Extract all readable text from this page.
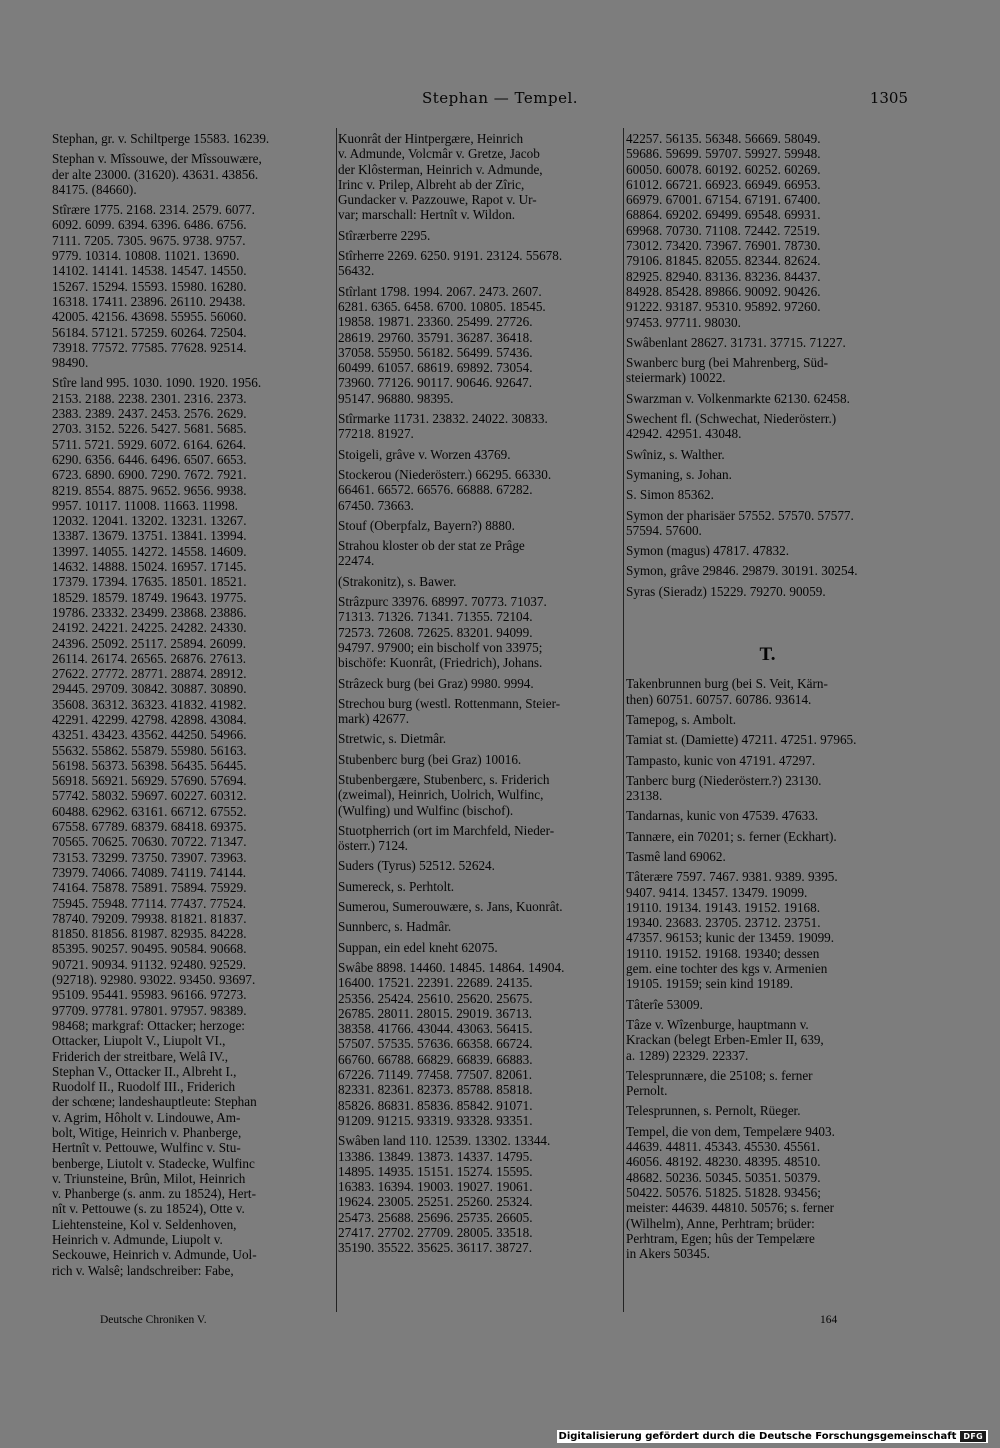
Stephan — Tempel.	1305
Stephan, gr. v. Schiltperge 15583. 16239.
Stephan v. Mîssouwe, der Mîssouwære,
der alte 23000. (31620). 43631. 43856.
84175. (84660).
Stîrære 1775. 2168. 2314. 2579. 6077.
6092. 6099. 6394. 6396. 6486. 6756.
7111. 7205. 7305. 9675. 9738. 9757.
9779. 10314. 10808. 11021. 13690.
14102. 14141. 14538. 14547. 14550.
15267. 15294. 15593. 15980. 16280.
16318. 17411. 23896. 26110. 29438.
42005. 42156. 43698. 55955. 56060.
56184. 57121. 57259. 60264. 72504.
73918. 77572. 77585. 77628. 92514.
98490.
Stîre land 995. 1030. 1090. 1920. 1956.
2153. 2188. 2238. 2301. 2316. 2373.
2383. 2389. 2437. 2453. 2576. 2629.
2703. 3152. 5226. 5427. 5681. 5685.
5711. 5721. 5929. 6072. 6164. 6264.
6290. 6356. 6446. 6496. 6507. 6653.
6723. 6890. 6900. 7290. 7672. 7921.
8219. 8554. 8875. 9652. 9656. 9938.
9957. 10117. 11008. 11663. 11998.
12032. 12041. 13202. 13231. 13267.
13387. 13679. 13751. 13841. 13994.
13997. 14055. 14272. 14558. 14609.
14632. 14888. 15024. 16957. 17145.
17379. 17394. 17635. 18501. 18521.
18529. 18579. 18749. 19643. 19775.
19786. 23332. 23499. 23868. 23886.
24192. 24221. 24225. 24282. 24330.
24396. 25092. 25117. 25894. 26099.
26114. 26174. 26565. 26876. 27613.
27622. 27772. 28771. 28874. 28912.
29445. 29709. 30842. 30887. 30890.
35608. 36312. 36323. 41832. 41982.
42291. 42299. 42798. 42898. 43084.
43251. 43423. 43562. 44250. 54966.
55632. 55862. 55879. 55980. 56163.
56198. 56373. 56398. 56435. 56445.
56918. 56921. 56929. 57690. 57694.
57742. 58032. 59697. 60227. 60312.
60488. 62962. 63161. 66712. 67552.
67558. 67789. 68379. 68418. 69375.
70565. 70625. 70630. 70722. 71347.
73153. 73299. 73750. 73907. 73963.
73979. 74066. 74089. 74119. 74144.
74164. 75878. 75891. 75894. 75929.
75945. 75948. 77114. 77437. 77524.
78740. 79209. 79938. 81821. 81837.
81850. 81856. 81987. 82935. 84228.
85395. 90257. 90495. 90584. 90668.
90721. 90934. 91132. 92480. 92529.
(92718). 92980. 93022. 93450. 93697.
95109. 95441. 95983. 96166. 97273.
97709. 97781. 97801. 97957. 98389.
98468; markgraf: Ottacker; herzoge:
Ottacker, Liupolt V., Liupolt VI.,
Friderich der streitbare, Welâ IV.,
Stephan V., Ottacker II., Albreht I.,
Ruodolf II., Ruodolf III., Friderich
der schœne; landeshauptleute: Stephan
v. Agrim, Hôholt v. Lindouwe, Am-
bolt, Witige, Heinrich v. Phanberge,
Hertnît v. Pettouwe, Wulfinc v. Stu-
benberge, Liutolt v. Stadecke, Wulfinc
v. Triunsteine, Brûn, Milot, Heinrich
v. Phanberge (s. anm. zu 18524), Hert-
nît v. Pettouwe (s. zu 18524), Otte v.
Liehtensteine, Kol v. Seldenhoven,
Heinrich v. Admunde, Liupolt v.
Seckouwe, Heinrich v. Admunde, Uol-
rich v. Walsê; landschreiber: Fabe,
Kuonrât der Hintpergære, Heinrich
v. Admunde, Volcmâr v. Gretze, Jacob
der Klôsterman, Heinrich v. Admunde,
Irinc v. Prilep, Albreht ab der Zîric,
Gundacker v. Pazzouwe, Rapot v. Ur-
var; marschall: Hertnît v. Wildon.
Stîrærberre 2295.
Stîrherre 2269. 6250. 9191. 23124. 55678.
56432.
Stîrlant 1798. 1994. 2067. 2473. 2607.
6281. 6365. 6458. 6700. 10805. 18545.
19858. 19871. 23360. 25499. 27726.
28619. 29760. 35791. 36287. 36418.
37058. 55950. 56182. 56499. 57436.
60499. 61057. 68619. 69892. 73054.
73960. 77126. 90117. 90646. 92647.
95147. 96880. 98395.
Stîrmarke 11731. 23832. 24022. 30833.
77218. 81927.
Stoigeli, grâve v. Worzen 43769.
Stockerou (Niederösterr.) 66295. 66330.
66461. 66572. 66576. 66888. 67282.
67450. 73663.
Stouf (Oberpfalz, Bayern?) 8880.
Strahou kloster ob der stat ze Prâge
22474.
(Strakonitz), s. Bawer.
Strâzpurc 33976. 68997. 70773. 71037.
71313. 71326. 71341. 71355. 72104.
72573. 72608. 72625. 83201. 94099.
94797. 97900; ein bischolf von 33975;
bischöfe: Kuonrât, (Friedrich), Johans.
Strâzeck burg (bei Graz) 9980. 9994.
Strechou burg (westl. Rottenmann, Steier-
mark) 42677.
Stretwic, s. Dietmâr.
Stubenberc burg (bei Graz) 10016.
Stubenbergære, Stubenberc, s. Friderich
(zweimal), Heinrich, Uolrich, Wulfinc,
(Wulfing) und Wulfinc (bischof).
Stuotpherrich (ort im Marchfeld, Nieder-
österr.) 7124.
Suders (Tyrus) 52512. 52624.
Sumereck, s. Perhtolt.
Sumerou, Sumerouwære, s. Jans, Kuonrât.
Sunnberc, s. Hadmâr.
Suppan, ein edel kneht 62075.
Swâbe 8898. 14460. 14845. 14864. 14904.
16400. 17521. 22391. 22689. 24135.
25356. 25424. 25610. 25620. 25675.
26785. 28011. 28015. 29019. 36713.
38358. 41766. 43044. 43063. 56415.
57507. 57535. 57636. 66358. 66724.
66760. 66788. 66829. 66839. 66883.
67226. 71149. 77458. 77507. 82061.
82331. 82361. 82373. 85788. 85818.
85826. 86831. 85836. 85842. 91071.
91209. 91215. 93319. 93328. 93351.
Swâben land 110. 12539. 13302. 13344.
13386. 13849. 13873. 14337. 14795.
14895. 14935. 15151. 15274. 15595.
16383. 16394. 19003. 19027. 19061.
19624. 23005. 25251. 25260. 25324.
25473. 25688. 25696. 25735. 26605.
27417. 27702. 27709. 28005. 33518.
35190. 35522. 35625. 36117. 38727.
42257. 56135. 56348. 56669. 58049.
59686. 59699. 59707. 59927. 59948.
60050. 60078. 60192. 60252. 60269.
61012. 66721. 66923. 66949. 66953.
66979. 67001. 67154. 67191. 67400.
68864. 69202. 69499. 69548. 69931.
69968. 70730. 71108. 72442. 72519.
73012. 73420. 73967. 76901. 78730.
79106. 81845. 82055. 82344. 82624.
82925. 82940. 83136. 83236. 84437.
84928. 85428. 89866. 90092. 90426.
91222. 93187. 95310. 95892. 97260.
97453. 97711. 98030.
Swâbenlant 28627. 31731. 37715. 71227.
Swanberc burg (bei Mahrenberg, Süd-
steiermark) 10022.
Swarzman v. Volkenmarkte 62130. 62458.
Swechent fl. (Schwechat, Niederösterr.)
42942. 42951. 43048.
Swîniz, s. Walther.
Symaning, s. Johan.
S. Simon 85362.
Symon der pharisäer 57552. 57570. 57577.
57594. 57600.
Symon (magus) 47817. 47832.
Symon, grâve 29846. 29879. 30191. 30254.
Syras (Sieradz) 15229. 79270. 90059.
T.
Takenbrunnen burg (bei S. Veit, Kärn-
then) 60751. 60757. 60786. 93614.
Tamepog, s. Ambolt.
Tamiat st. (Damiette) 47211. 47251. 97965.
Tampasto, kunic von 47191. 47297.
Tanberc burg (Niederösterr.?) 23130.
23138.
Tandarnas, kunic von 47539. 47633.
Tannære, ein 70201; s. ferner (Eckhart).
Tasmê land 69062.
Tâterære 7597. 7467. 9381. 9389. 9395.
9407. 9414. 13457. 13479. 19099.
19110. 19134. 19143. 19152. 19168.
19340. 23683. 23705. 23712. 23751.
47357. 96153; kunic der 13459. 19099.
19110. 19152. 19168. 19340; dessen
gem. eine tochter des kgs v. Armenien
19105. 19159; sein kind 19189.
Tâterîe 53009.
Tâze v. Wîzenburge, hauptmann v.
Krackan (belegt Erben-Emler II, 639,
a. 1289) 22329. 22337.
Telesprunnære, die 25108; s. ferner
Pernolt.
Telesprunnen, s. Pernolt, Rüeger.
Tempel, die von dem, Tempelære 9403.
44639. 44811. 45343. 45530. 45561.
46056. 48192. 48230. 48395. 48510.
48682. 50236. 50345. 50351. 50379.
50422. 50576. 51825. 51828. 93456;
meister: 44639. 44810. 50576; s. ferner
(Wilhelm), Anne, Perhtram; brüder:
Perhtram, Egen; hûs der Tempelære
in Akers 50345.
Deutsche Chroniken V.	164
Digitalisierung gefördert durch die Deutsche Forschungsgemeinschaft DFG
